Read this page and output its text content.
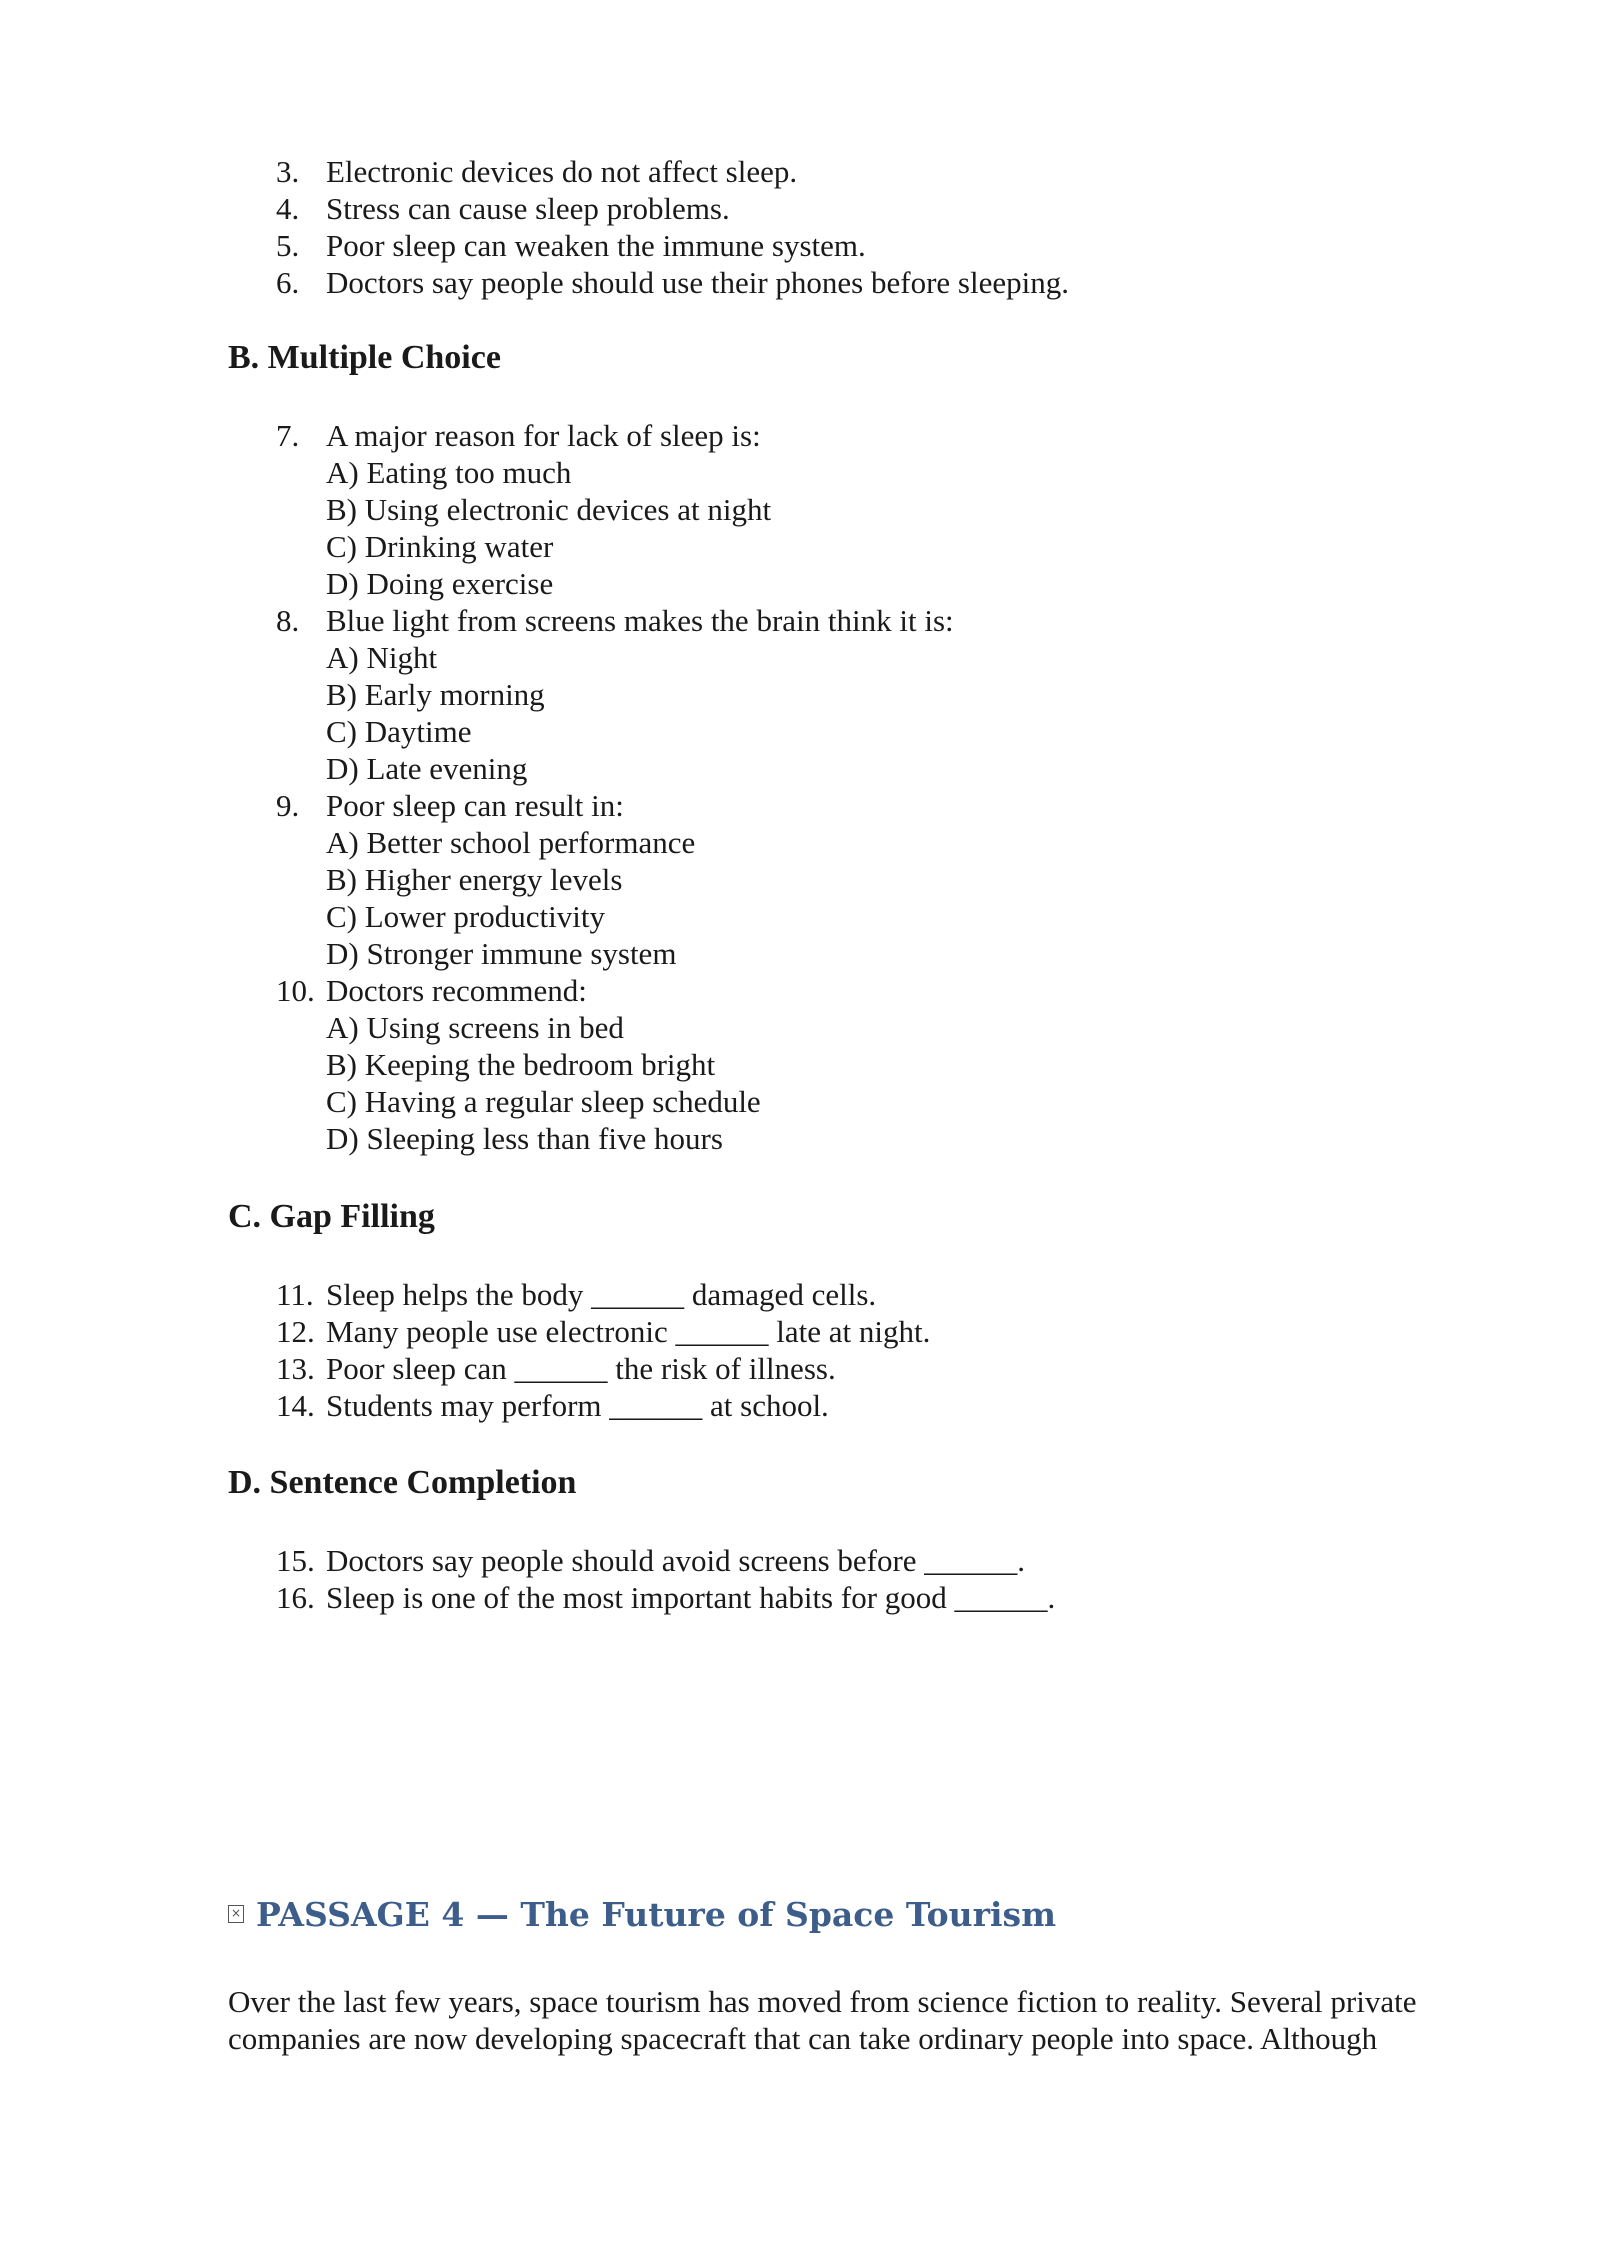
3. Electronic devices do not affect sleep.
4. Stress can cause sleep problems.
5. Poor sleep can weaken the immune system.
6. Doctors say people should use their phones before sleeping.
B. Multiple Choice
7. A major reason for lack of sleep is:
A) Eating too much
B) Using electronic devices at night
C) Drinking water
D) Doing exercise
8. Blue light from screens makes the brain think it is:
A) Night
B) Early morning
C) Daytime
D) Late evening
9. Poor sleep can result in:
A) Better school performance
B) Higher energy levels
C) Lower productivity
D) Stronger immune system
10. Doctors recommend:
A) Using screens in bed
B) Keeping the bedroom bright
C) Having a regular sleep schedule
D) Sleeping less than five hours
C. Gap Filling
11. Sleep helps the body ______ damaged cells.
12. Many people use electronic ______ late at night.
13. Poor sleep can ______ the risk of illness.
14. Students may perform ______ at school.
D. Sentence Completion
15. Doctors say people should avoid screens before ______.
16. Sleep is one of the most important habits for good ______.
× PASSAGE 4 — The Future of Space Tourism

Over the last few years, space tourism has moved from science fiction to reality. Several private
companies are now developing spacecraft that can take ordinary people into space. Although
